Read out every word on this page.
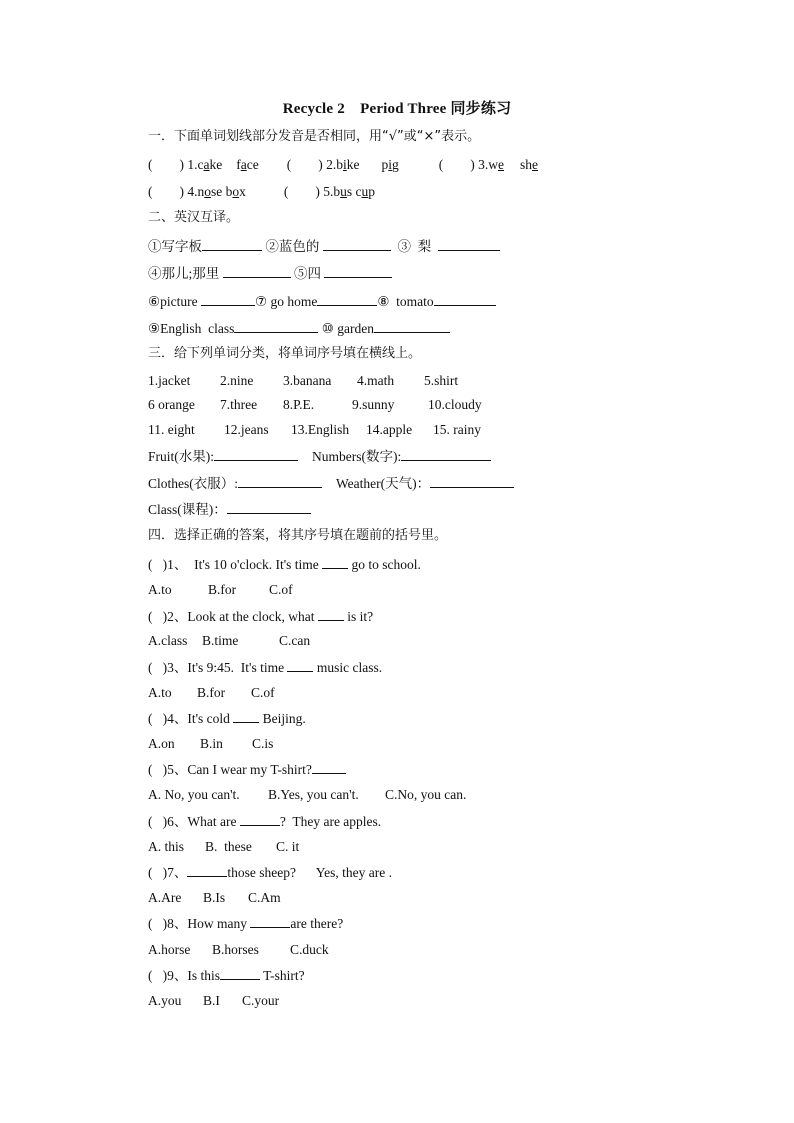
Recycle 2　Period Three 同步练习
一．下面单词划线部分发音是否相同，用“√”或“×”表示。
(　　) 1.cake face (　　) 2.bike pig	(　　) 3.we she
(　　) 4.nose box	(　　) 5.bus cup
二、英汉互译。
①写字板	②蓝色的	③  梨
④那儿;那里	⑤四
⑥picture	⑦ go home	⑧  tomato
⑨English  class	⑩ garden
三．给下列单词分类，将单词序号填在横线上。
1.jacket 2.nine 3.banana 4.math 5.shirt
6 orange 7.three 8.P.E.	9.sunny 10.cloudy
11. eight 12.jeans 13.English 14.apple 15. rainy
Fruit(水果):	Numbers(数字):
Clothes(衣服）:	Weather(天气)：
Class(课程)：
四．选择正确的答案，将其序号填在题前的括号里。
(   )1、  It's 10 o'clock. It's time  go to school.
A.to	B.for C.of
(   )2、Look at the clock, what  is it?
A.class B.time	C.can
(   )3、It's 9:45.  It's time  music class.
A.to B.for C.of
(   )4、It's cold  Beijing.
A.on B.in C.is
(   )5、Can I wear my T-shirt?
A. No, you can't. B.Yes, you can't. C.No, you can.
(   )6、What are	?  They are apples.
A. this B.  these C. it
(   )7、	those sheep?      Yes, they are .
A.Are B.Is C.Am
(   )8、How many	are there?
A.horse B.horses C.duck
(   )9、Is this	T-shirt?
A.you B.I C.your
